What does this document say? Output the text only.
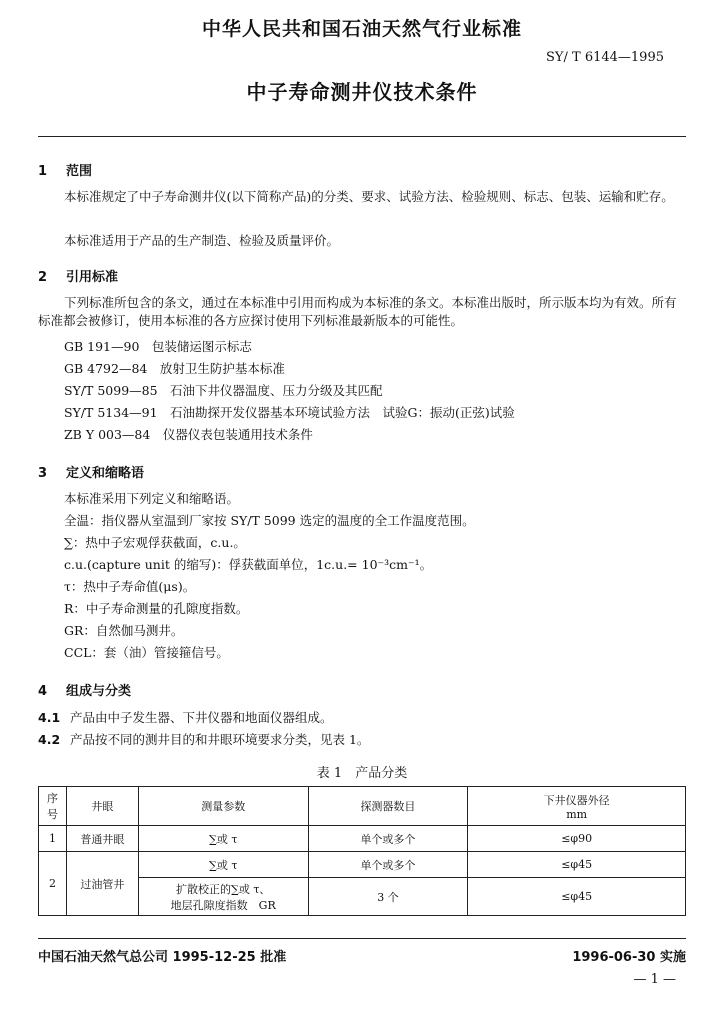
中华人民共和国石油天然气行业标准
SY/ T 6144—1995
中子寿命测井仪技术条件
1 范围
本标准规定了中子寿命测井仪(以下简称产品)的分类、要求、试验方法、检验规则、标志、包装、运输和贮存。
本标准适用于产品的生产制造、检验及质量评价。
2 引用标准
下列标准所包含的条文，通过在本标准中引用而构成为本标准的条文。本标准出版时，所示版本均为有效。所有标准都会被修订，使用本标准的各方应探讨使用下列标准最新版本的可能性。
GB 191—90　包装储运图示标志
GB 4792—84　放射卫生防护基本标准
SY/T 5099—85　石油下井仪器温度、压力分级及其匹配
SY/T 5134—91　石油勘探开发仪器基本环境试验方法　试验G：振动(正弦)试验
ZB Y 003—84　仪器仪表包装通用技术条件
3 定义和缩略语
本标准采用下列定义和缩略语。
全温：指仪器从室温到厂家按 SY/T 5099 选定的温度的全工作温度范围。
∑：热中子宏观俘获截面，c.u.。
c.u.(capture unit 的缩写)：俘获截面单位，1c.u.= 10⁻³cm⁻¹。
τ：热中子寿命值(μs)。
R：中子寿命测量的孔隙度指数。
GR：自然伽马测井。
CCL：套（油）管接箍信号。
4 组成与分类
4.1 产品由中子发生器、下井仪器和地面仪器组成。
4.2 产品按不同的测井目的和井眼环境要求分类，见表 1。
表 1　产品分类
序号	井眼	测量参数	探测器数目	下井仪器外径
mm

1	普通井眼	∑或 τ	单个或多个	≤φ90
2	过油管井	∑或 τ	单个或多个	≤φ45

		扩散校正的∑或 τ、
地层孔隙度指数　GR	3 个	≤φ45
中国石油天然气总公司 1995-12-25 批准	1996-06-30 实施
— 1 —
